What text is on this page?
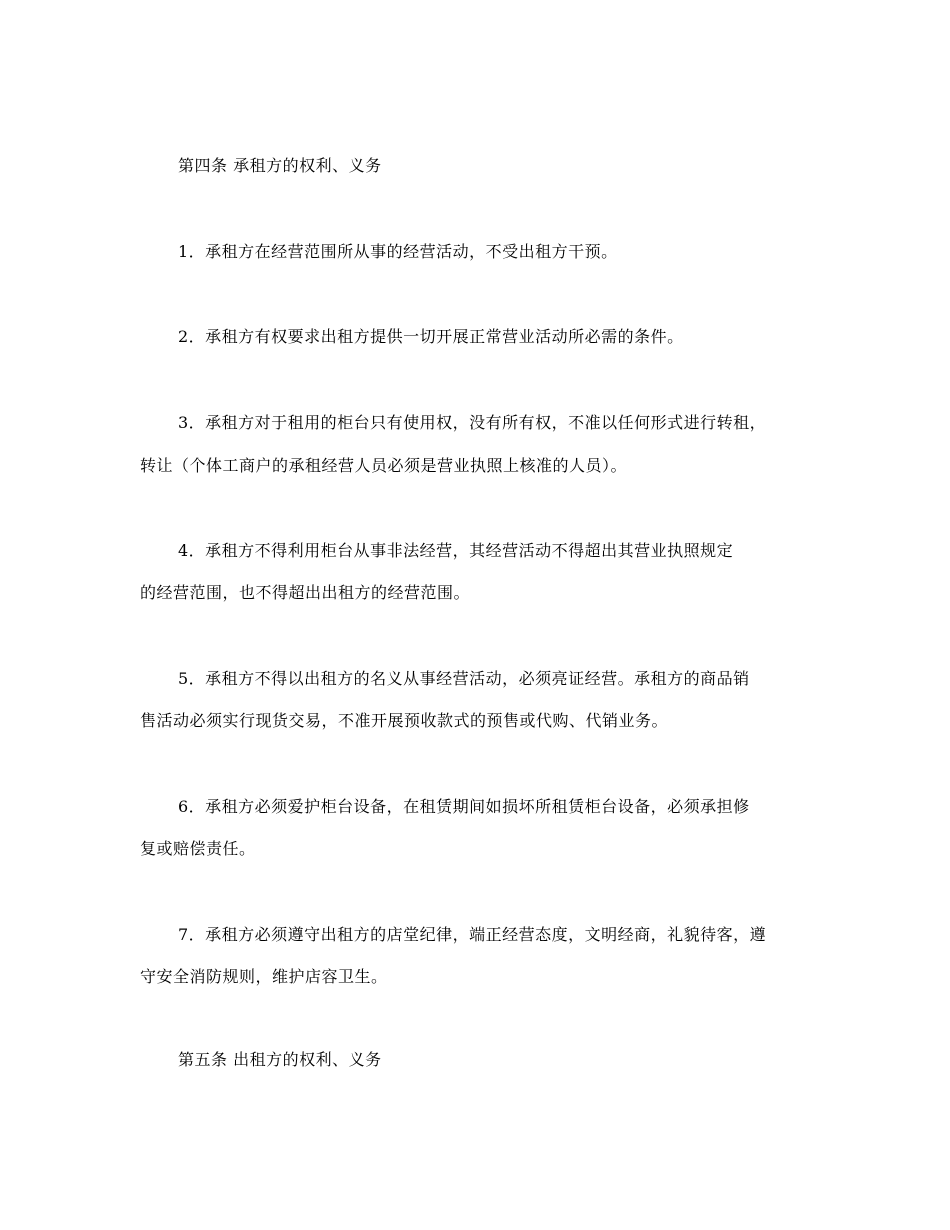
第四条 承租方的权利、义务
1．承租方在经营范围所从事的经营活动，不受出租方干预。
2．承租方有权要求出租方提供一切开展正常营业活动所必需的条件。
3．承租方对于租用的柜台只有使用权，没有所有权，不准以任何形式进行转租，
转让（个体工商户的承租经营人员必须是营业执照上核准的人员）。
4．承租方不得利用柜台从事非法经营，其经营活动不得超出其营业执照规定
的经营范围，也不得超出出租方的经营范围。
5．承租方不得以出租方的名义从事经营活动，必须亮证经营。承租方的商品销
售活动必须实行现货交易，不准开展预收款式的预售或代购、代销业务。
6．承租方必须爱护柜台设备，在租赁期间如损坏所租赁柜台设备，必须承担修
复或赔偿责任。
7．承租方必须遵守出租方的店堂纪律，端正经营态度，文明经商，礼貌待客，遵
守安全消防规则，维护店容卫生。
第五条 出租方的权利、义务
